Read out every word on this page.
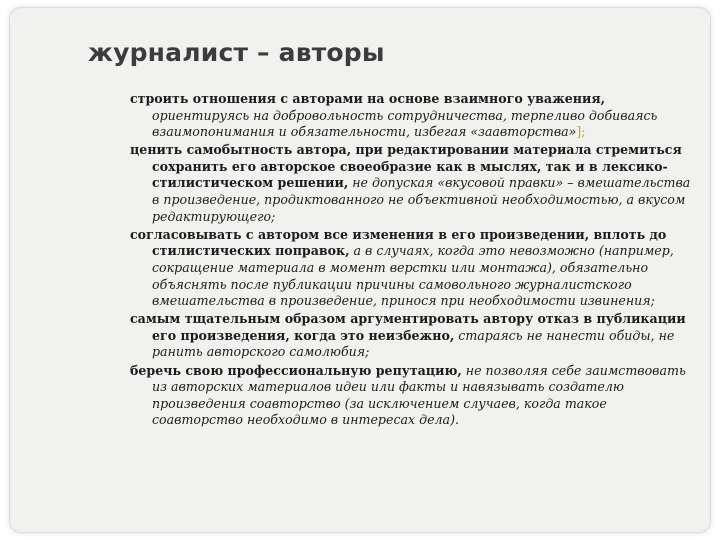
журналист – авторы

строить отношения с авторами на основе взаимного уважения, ориентируясь на добровольность сотрудничества, терпеливо добиваясь взаимопонимания и обязательности, избегая «заавторства»];

ценить самобытность автора, при редактировании материала стремиться сохранить его авторское своеобразие как в мыслях, так и в лексико-стилистическом решении, не допуская «вкусовой правки» – вмешательства в произведение, продиктованного не объективной необходимостью, а вкусом редактирующего;

согласовывать с автором все изменения в его произведении, вплоть до стилистических поправок, а в случаях, когда это невозможно (например, сокращение материала в момент верстки или монтажа), обязательно объяснять после публикации причины самовольного журналистского вмешательства в произведение, принося при необходимости извинения;

самым тщательным образом аргументировать автору отказ в публикации его произведения, когда это неизбежно, стараясь не нанести обиды, не ранить авторского самолюбия;

беречь свою профессиональную репутацию, не позволяя себе заимствовать из авторских материалов идеи или факты и навязывать создателю произведения соавторство (за исключением случаев, когда такое соавторство необходимо в интересах дела).
